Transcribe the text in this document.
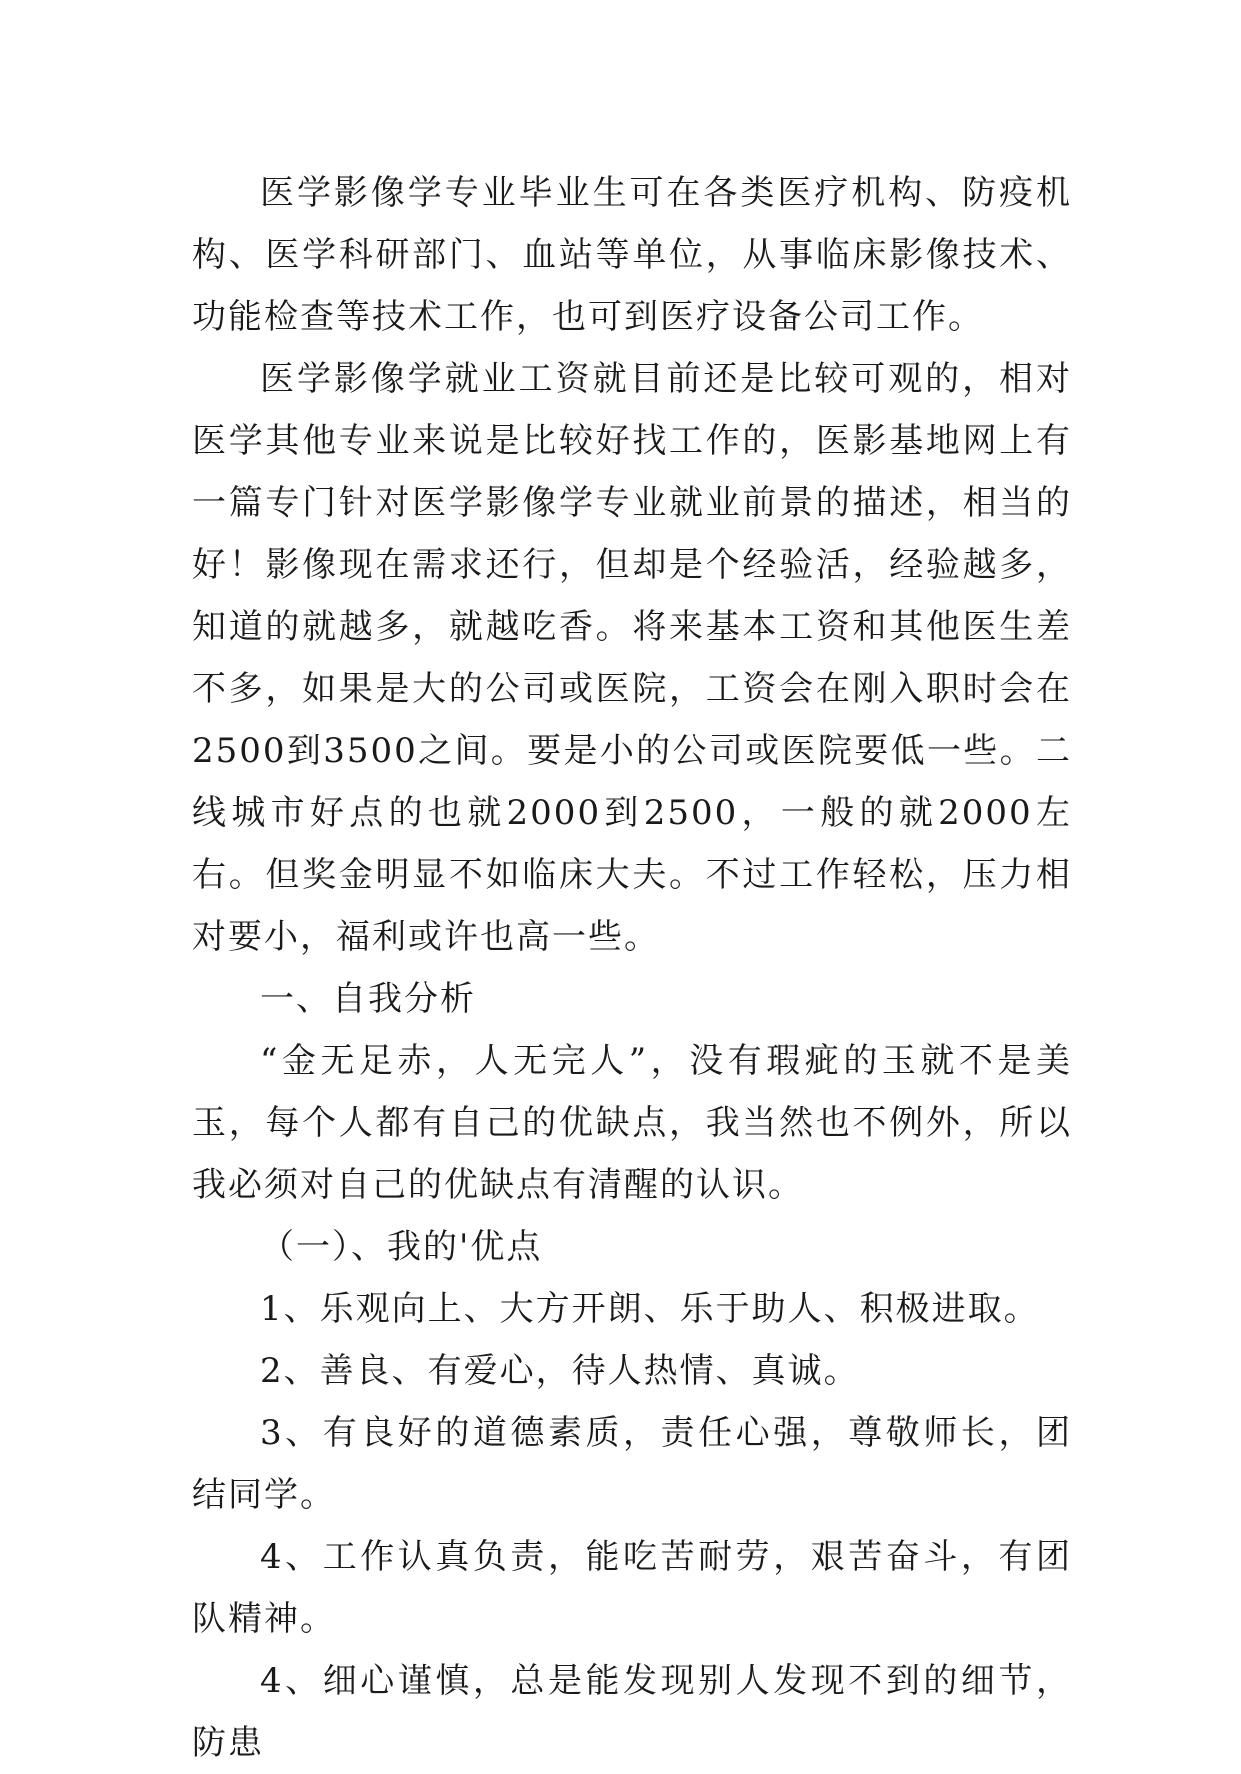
医学影像学专业毕业生可在各类医疗机构、防疫机构、医学科研部门、血站等单位，从事临床影像技术、功能检查等技术工作，也可到医疗设备公司工作。

医学影像学就业工资就目前还是比较可观的，相对医学其他专业来说是比较好找工作的，医影基地网上有一篇专门针对医学影像学专业就业前景的描述，相当的好！影像现在需求还行，但却是个经验活，经验越多，知道的就越多，就越吃香。将来基本工资和其他医生差不多，如果是大的公司或医院，工资会在刚入职时会在2500到3500之间。要是小的公司或医院要低一些。二线城市好点的也就2000到2500，一般的就2000左右。但奖金明显不如临床大夫。不过工作轻松，压力相对要小，福利或许也高一些。

一、自我分析

“金无足赤，人无完人”，没有瑕疵的玉就不是美玉，每个人都有自己的优缺点，我当然也不例外，所以我必须对自己的优缺点有清醒的认识。

（一）、我的'优点

1、乐观向上、大方开朗、乐于助人、积极进取。

2、善良、有爱心，待人热情、真诚。

3、有良好的道德素质，责任心强，尊敬师长，团结同学。

4、工作认真负责，能吃苦耐劳，艰苦奋斗，有团队精神。

4、细心谨慎，总是能发现别人发现不到的细节，防患
